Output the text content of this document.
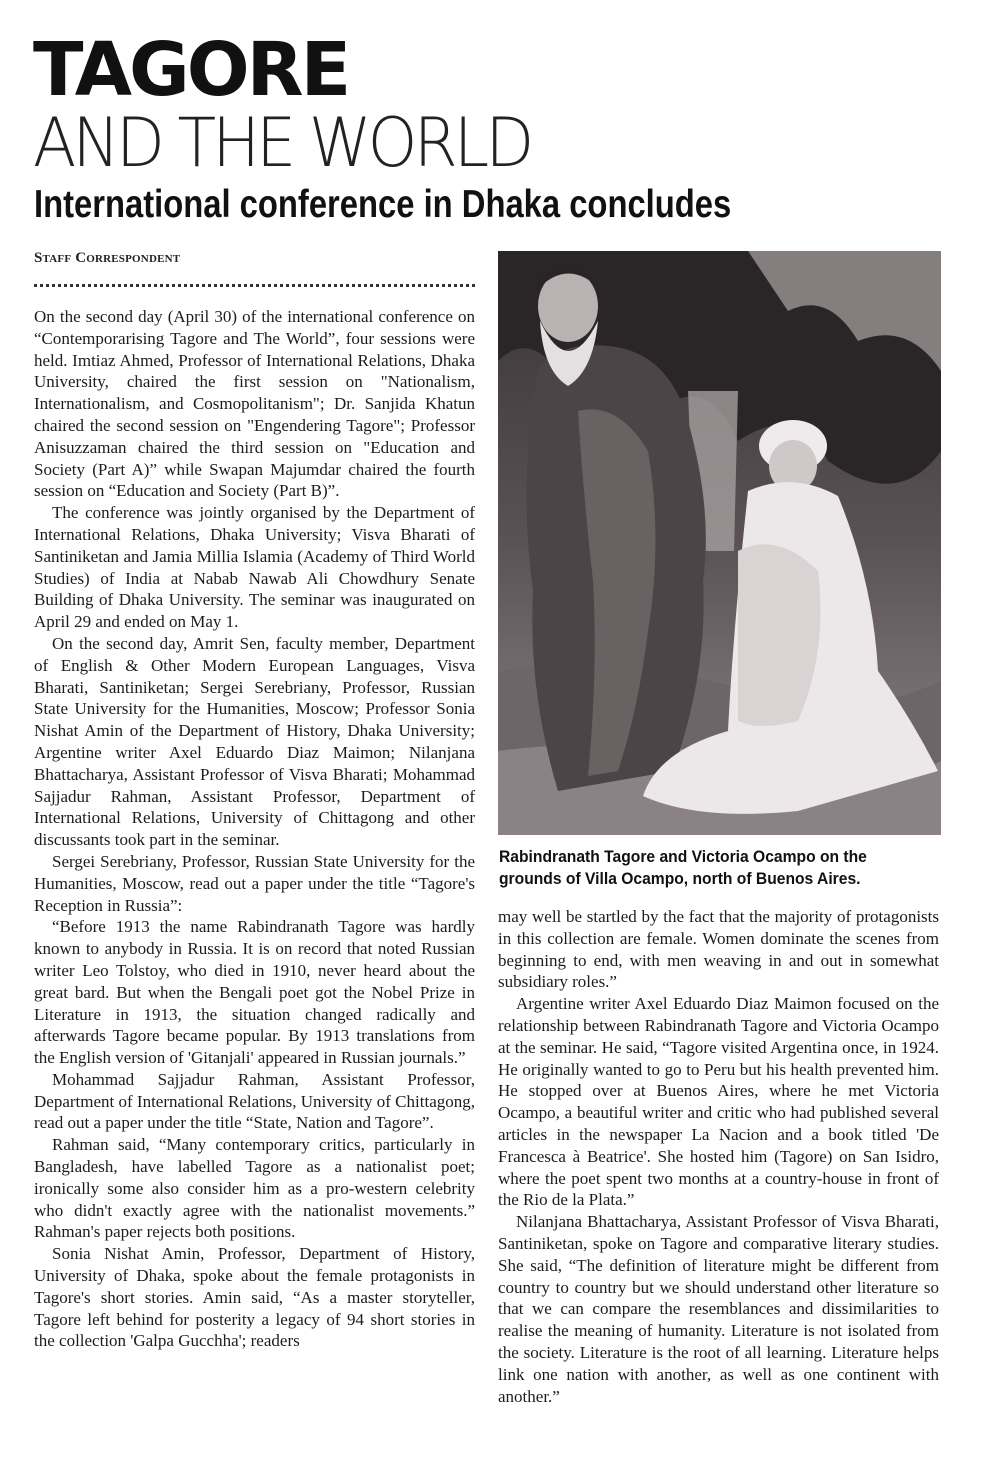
TAGORE
AND THE WORLD
International conference in Dhaka concludes
Staff Correspondent

On the second day (April 30) of the international conference on “Contemporarising Tagore and The World”, four sessions were held. Imtiaz Ahmed, Professor of International Relations, Dhaka University, chaired the first session on "Nationalism, Internationalism, and Cosmopolitanism"; Dr. Sanjida Khatun chaired the second session on "Engendering Tagore"; Professor Anisuzzaman chaired the third session on "Education and Society (Part A)” while Swapan Majumdar chaired the fourth session on “Education and Society (Part B)”.

The conference was jointly organised by the Department of International Relations, Dhaka University; Visva Bharati of Santiniketan and Jamia Millia Islamia (Academy of Third World Studies) of India at Nabab Nawab Ali Chowdhury Senate Building of Dhaka University. The seminar was inaugurated on April 29 and ended on May 1.

On the second day, Amrit Sen, faculty member, Department of English & Other Modern European Languages, Visva Bharati, Santiniketan; Sergei Serebriany, Professor, Russian State University for the Humanities, Moscow; Professor Sonia Nishat Amin of the Department of History, Dhaka University; Argentine writer Axel Eduardo Diaz Maimon; Nilanjana Bhattacharya, Assistant Professor of Visva Bharati; Mohammad Sajjadur Rahman, Assistant Professor, Department of International Relations, University of Chittagong and other discussants took part in the seminar.

Sergei Serebriany, Professor, Russian State University for the Humanities, Moscow, read out a paper under the title “Tagore's Reception in Russia”:

“Before 1913 the name Rabindranath Tagore was hardly known to anybody in Russia. It is on record that noted Russian writer Leo Tolstoy, who died in 1910, never heard about the great bard. But when the Bengali poet got the Nobel Prize in Literature in 1913, the situation changed radically and afterwards Tagore became popular. By 1913 translations from the English version of 'Gitanjali' appeared in Russian journals.”

Mohammad Sajjadur Rahman, Assistant Professor, Department of International Relations, University of Chittagong, read out a paper under the title “State, Nation and Tagore”.

Rahman said, “Many contemporary critics, particularly in Bangladesh, have labelled Tagore as a nationalist poet; ironically some also consider him as a pro-western celebrity who didn't exactly agree with the nationalist movements.” Rahman's paper rejects both positions.

Sonia Nishat Amin, Professor, Department of History, University of Dhaka, spoke about the female protagonists in Tagore's short stories. Amin said, “As a master storyteller, Tagore left behind for posterity a legacy of 94 short stories in the collection 'Galpa Gucchha'; readers

Rabindranath Tagore and Victoria Ocampo on the grounds of Villa Ocampo, north of Buenos Aires.

may well be startled by the fact that the majority of protagonists in this collection are female. Women dominate the scenes from beginning to end, with men weaving in and out in somewhat subsidiary roles.”

Argentine writer Axel Eduardo Diaz Maimon focused on the relationship between Rabindranath Tagore and Victoria Ocampo at the seminar. He said, “Tagore visited Argentina once, in 1924. He originally wanted to go to Peru but his health prevented him. He stopped over at Buenos Aires, where he met Victoria Ocampo, a beautiful writer and critic who had published several articles in the newspaper La Nacion and a book titled 'De Francesca à Beatrice'. She hosted him (Tagore) on San Isidro, where the poet spent two months at a country-house in front of the Rio de la Plata.”

Nilanjana Bhattacharya, Assistant Professor of Visva Bharati, Santiniketan, spoke on Tagore and comparative literary studies. She said, “The definition of literature might be different from country to country but we should understand other literature so that we can compare the resemblances and dissimilarities to realise the meaning of humanity. Literature is not isolated from the society. Literature is the root of all learning. Literature helps link one nation with another, as well as one continent with another.”
